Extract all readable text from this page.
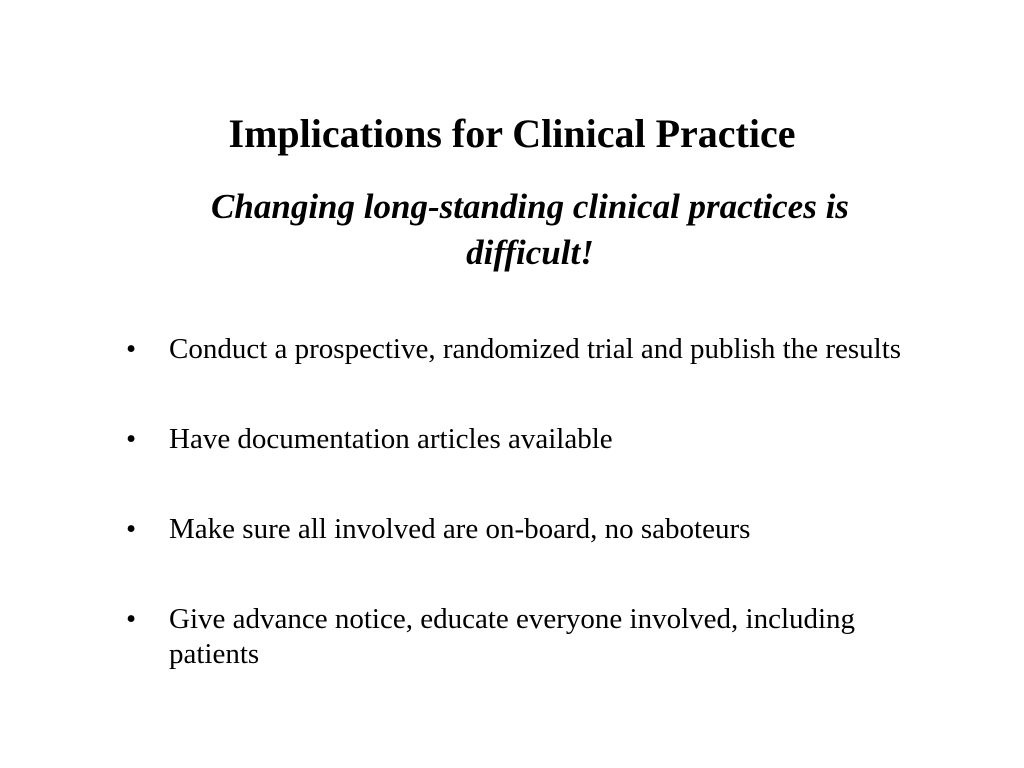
Implications for Clinical Practice

Changing long-standing clinical practices is difficult!

•	Conduct a prospective, randomized trial and publish the results
•	Have documentation articles available
•	Make sure all involved are on-board, no saboteurs
•	Give advance notice, educate everyone involved, including patients
